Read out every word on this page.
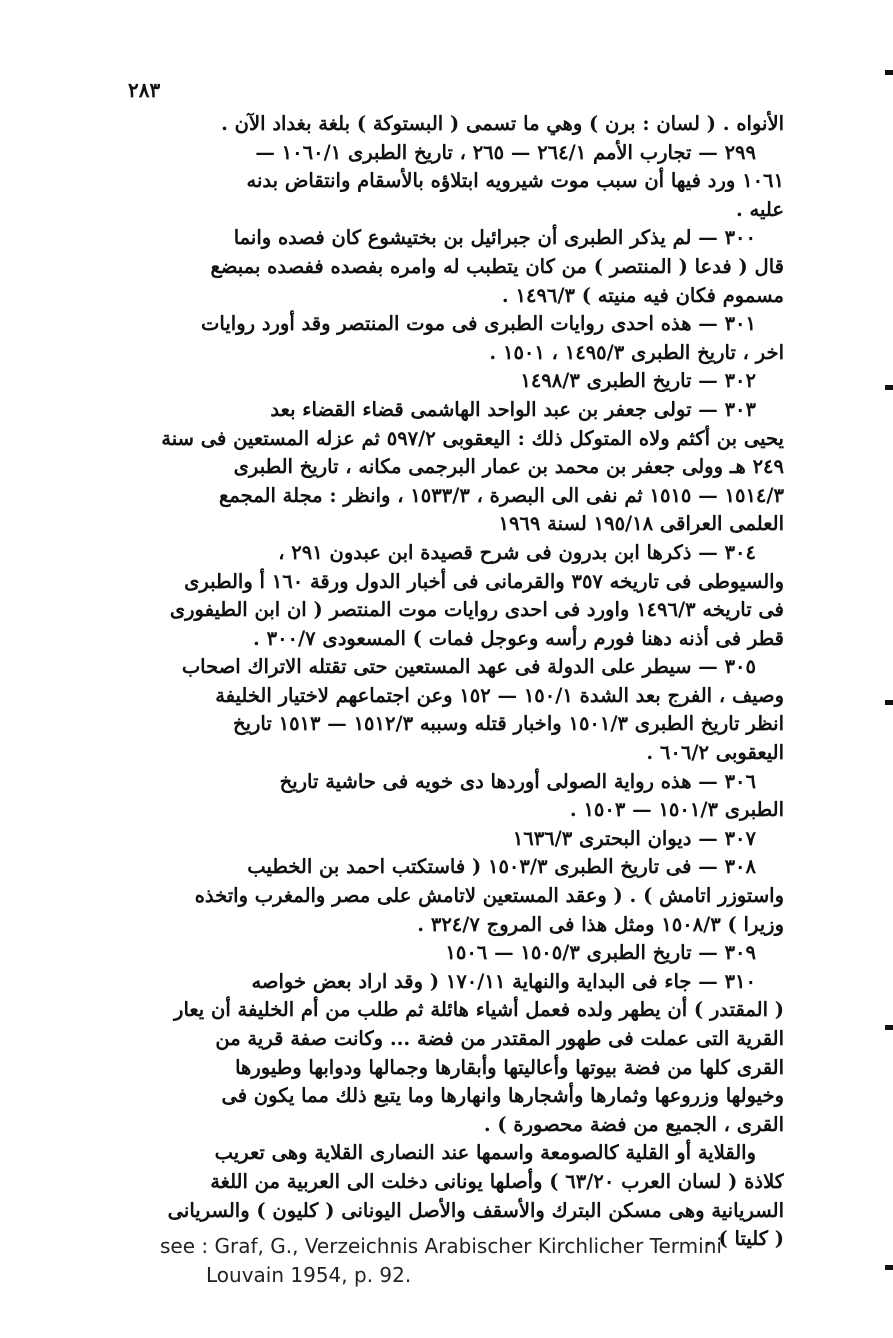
٢٨٣
الأنواه . ( لسان : برن ) وهي ما تسمى ( البستوكة ) بلغة بغداد الآن .
٢٩٩ — تجارب الأمم ٢٦٤/١ — ٢٦٥ ، تاريخ الطبرى ١٠٦٠/١ —
١٠٦١ ورد فيها أن سبب موت شيرويه ابتلاؤه بالأسقام وانتقاض بدنه
عليه .
٣٠٠ — لم يذكر الطبرى أن جبرائيل بن بختيشوع كان فصده وانما
قال ( فدعا ( المنتصر ) من كان يتطبب له وامره بفصده ففصده بمبضع
مسموم فكان فيه منيته ) ١٤٩٦/٣ .
٣٠١ — هذه احدى روايات الطبرى فى موت المنتصر وقد أورد روايات
اخر ، تاريخ الطبرى ١٤٩٥/٣ ، ١٥٠١ .
٣٠٢ — تاريخ الطبرى ١٤٩٨/٣
٣٠٣ — تولى جعفر بن عبد الواحد الهاشمى قضاء القضاء بعد
يحيى بن أكثم ولاه المتوكل ذلك : اليعقوبى ٥٩٧/٢ ثم عزله المستعين فى سنة
٢٤٩ هـ وولى جعفر بن محمد بن عمار البرجمى مكانه ، تاريخ الطبرى
١٥١٤/٣ — ١٥١٥ ثم نفى الى البصرة ، ١٥٣٣/٣ ، وانظر : مجلة المجمع
العلمى العراقى ١٩٥/١٨ لسنة ١٩٦٩
٣٠٤ — ذكرها ابن بدرون فى شرح قصيدة ابن عبدون ٢٩١ ،
والسيوطى فى تاريخه ٣٥٧ والقرمانى فى أخبار الدول ورقة ١٦٠ أ والطبرى
فى تاريخه ١٤٩٦/٣ واورد فى احدى روايات موت المنتصر ( ان ابن الطيفورى
قطر فى أذنه دهنا فورم رأسه وعوجل فمات ) المسعودى ٣٠٠/٧ .
٣٠٥ — سيطر على الدولة فى عهد المستعين حتى تقتله الاتراك اصحاب
وصيف ، الفرج بعد الشدة ١٥٠/١ — ١٥٢ وعن اجتماعهم لاختيار الخليفة
انظر تاريخ الطبرى ١٥٠١/٣ واخبار قتله وسببه ١٥١٢/٣ — ١٥١٣ تاريخ
اليعقوبى ٦٠٦/٢ .
٣٠٦ — هذه رواية الصولى أوردها دى خويه فى حاشية تاريخ
الطبرى ١٥٠١/٣ — ١٥٠٣ .
٣٠٧ — ديوان البحترى ١٦٣٦/٣
٣٠٨ — فى تاريخ الطبرى ١٥٠٣/٣ ( فاستكتب احمد بن الخطيب
واستوزر اتامش ) . ( وعقد المستعين لاتامش على مصر والمغرب واتخذه
وزيرا ) ١٥٠٨/٣ ومثل هذا فى المروج ٣٢٤/٧ .
٣٠٩ — تاريخ الطبرى ١٥٠٥/٣ — ١٥٠٦
٣١٠ — جاء فى البداية والنهاية ١٧٠/١١ ( وقد اراد بعض خواصه
( المقتدر ) أن يطهر ولده فعمل أشياء هائلة ثم طلب من أم الخليفة أن يعار
القرية التى عملت فى طهور المقتدر من فضة ... وكانت صفة قرية من
القرى كلها من فضة بيوتها وأعاليتها وأبقارها وجمالها ودوابها وطيورها
وخيولها وزروعها وثمارها وأشجارها وانهارها وما يتبع ذلك مما يكون فى
القرى ، الجميع من فضة محصورة ) .
والقلاية أو القلية كالصومعة واسمها عند النصارى القلاية وهى تعريب
كلاذة ( لسان العرب ٦٣/٢٠ ) وأصلها يونانى دخلت الى العربية من اللغة
السريانية وهى مسكن البترك والأسقف والأصل اليونانى ( كليون ) والسريانى
( كليتا ) .
see : Graf, G., Verzeichnis Arabischer Kirchlicher Termini
Louvain 1954, p. 92.
